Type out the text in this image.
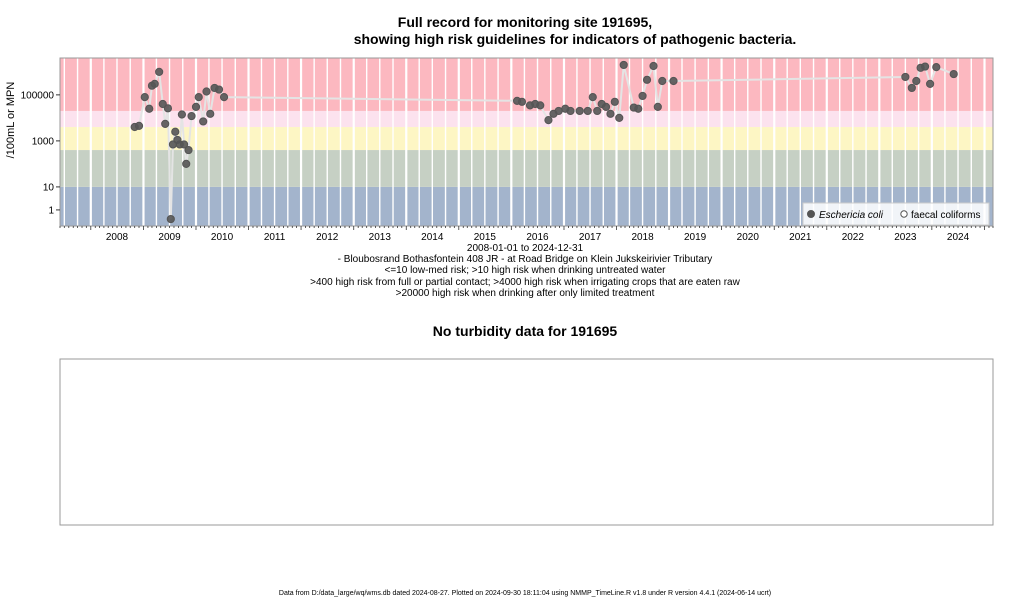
Full record for monitoring site 191695,
showing high risk guidelines for indicators of pathogenic bacteria.
1
10
1000
100000
2008	2009	2010	2011	2012	2013	2014	2015	2016	2017	2018	2019	2020	2021	2022	2023	2024
Eschericia coli	faecal coliforms
/100mL or MPN
2008-01-01 to 2024-12-31
- Bloubosrand Bothasfontein 408 JR - at Road Bridge on Klein Jukskeirivier Tributary
<=10 low-med risk; >10 high risk when drinking untreated water
>400 high risk from full or partial contact; >4000 high risk when irrigating crops that are eaten raw
>20000 high risk when drinking after only limited treatment
No turbidity data for 191695
Data from D:/data_large/wq/wms.db dated 2024-08-27. Plotted on 2024-09-30 18:11:04 using NMMP_TimeLine.R v1.8 under R version 4.4.1 (2024-06-14 ucrt)
